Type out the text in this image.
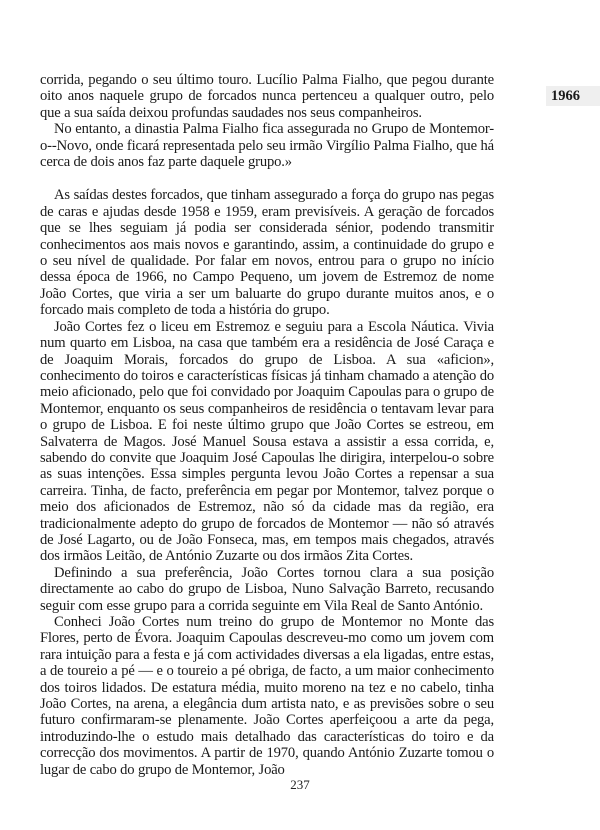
1966

corrida, pegando o seu último touro. Lucílio Palma Fialho, que pegou durante oito anos naquele grupo de forcados nunca pertenceu a qualquer outro, pelo que a sua saída deixou profundas saudades nos seus companheiros.

No entanto, a dinastia Palma Fialho fica assegurada no Grupo de Montemor-o--Novo, onde ficará representada pelo seu irmão Virgílio Palma Fialho, que há cerca de dois anos faz parte daquele grupo.»

As saídas destes forcados, que tinham assegurado a força do grupo nas pegas de caras e ajudas desde 1958 e 1959, eram previsíveis. A geração de forcados que se lhes seguiam já podia ser considerada sénior, podendo transmitir conhecimentos aos mais novos e garantindo, assim, a continuidade do grupo e o seu nível de qualidade. Por falar em novos, entrou para o grupo no início dessa época de 1966, no Campo Pequeno, um jovem de Estremoz de nome João Cortes, que viria a ser um baluarte do grupo durante muitos anos, e o forcado mais completo de toda a história do grupo.

João Cortes fez o liceu em Estremoz e seguiu para a Escola Náutica. Vivia num quarto em Lisboa, na casa que também era a residência de José Caraça e de Joaquim Morais, forcados do grupo de Lisboa. A sua «aficion», conhecimento do toiros e características físicas já tinham chamado a atenção do meio aficionado, pelo que foi convidado por Joaquim Capoulas para o grupo de Montemor, enquanto os seus companheiros de residência o tentavam levar para o grupo de Lisboa. E foi neste último grupo que João Cortes se estreou, em Salvaterra de Magos. José Manuel Sousa estava a assistir a essa corrida, e, sabendo do convite que Joaquim José Capoulas lhe dirigira, interpelou-o sobre as suas intenções. Essa simples pergunta levou João Cortes a repensar a sua carreira. Tinha, de facto, preferência em pegar por Montemor, talvez porque o meio dos aficionados de Estremoz, não só da cidade mas da região, era tradicionalmente adepto do grupo de forcados de Montemor — não só através de José Lagarto, ou de João Fonseca, mas, em tempos mais chegados, através dos irmãos Leitão, de António Zuzarte ou dos irmãos Zita Cortes.

Definindo a sua preferência, João Cortes tornou clara a sua posição directamente ao cabo do grupo de Lisboa, Nuno Salvação Barreto, recusando seguir com esse grupo para a corrida seguinte em Vila Real de Santo António.

Conheci João Cortes num treino do grupo de Montemor no Monte das Flores, perto de Évora. Joaquim Capoulas descreveu-mo como um jovem com rara intuição para a festa e já com actividades diversas a ela ligadas, entre estas, a de toureio a pé — e o toureio a pé obriga, de facto, a um maior conhecimento dos toiros lidados. De estatura média, muito moreno na tez e no cabelo, tinha João Cortes, na arena, a elegância dum artista nato, e as previsões sobre o seu futuro confirmaram-se plenamente. João Cortes aperfeiçoou a arte da pega, introduzindo-lhe o estudo mais detalhado das características do toiro e da correcção dos movimentos. A partir de 1970, quando António Zuzarte tomou o lugar de cabo do grupo de Montemor, João

237
